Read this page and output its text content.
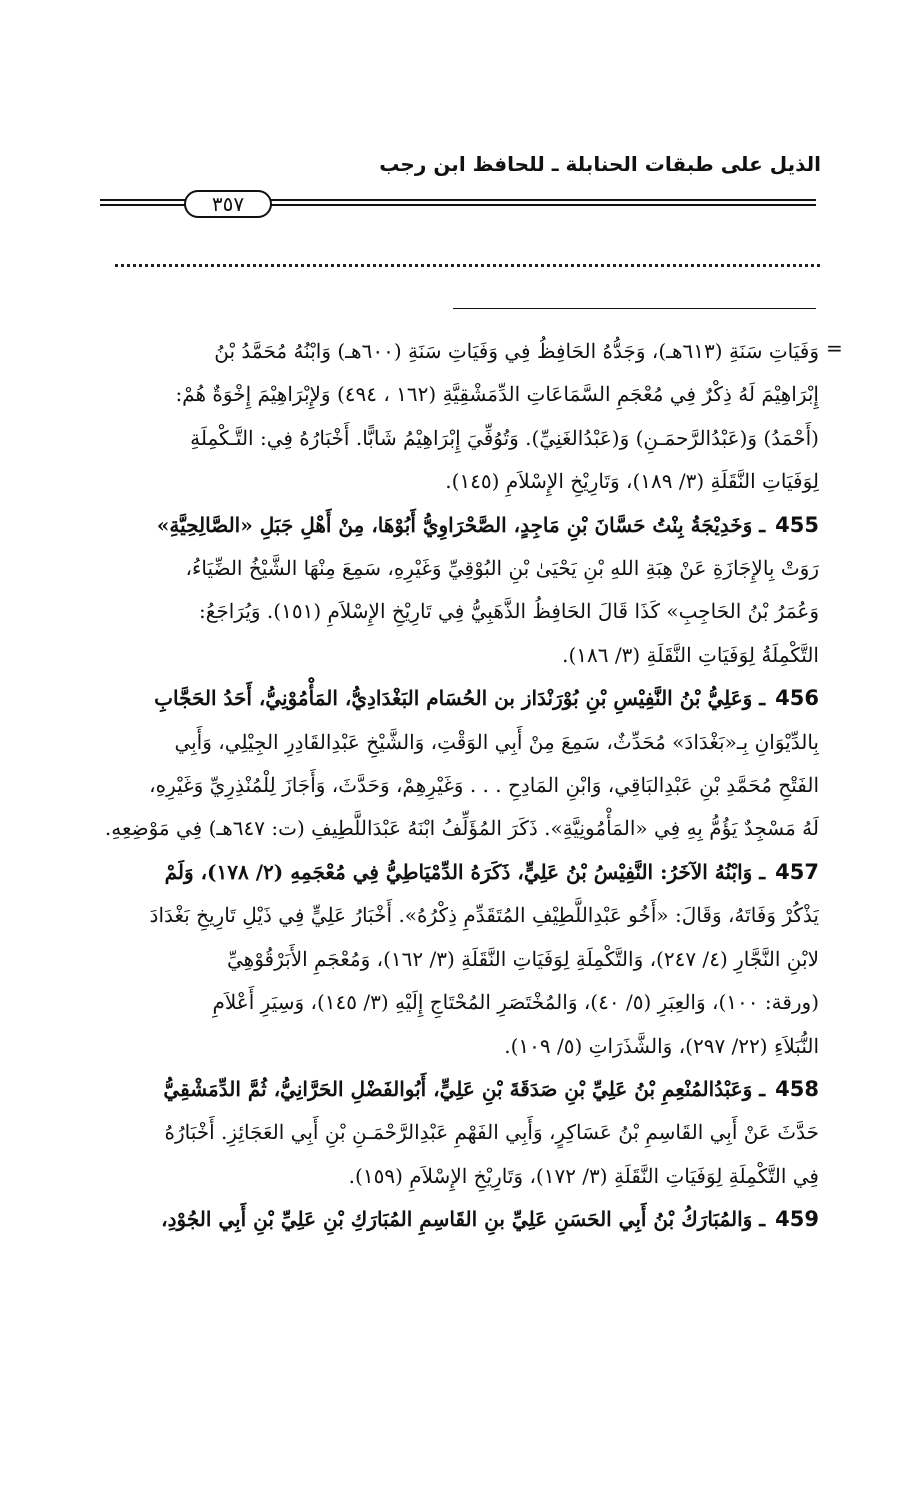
الذيل على طبقات الحنابلة ـ للحافظ ابن رجب
٣٥٧
=
وَفَيَاتِ سَنَةِ (٦١٣هـ)، وَجَدُّهُ الحَافِظُ فِي وَفَيَاتِ سَنَةِ (٦٠٠هـ) وَابْنُهُ مُحَمَّدُ بْنُ
إِبْرَاهِيْمَ لَهُ ذِكْرٌ فِي مُعْجَمِ السَّمَاعَاتِ الدِّمَشْقِيَّةِ (١٦٢ ، ٤٩٤) وَلإِبْرَاهِيْمَ إِخْوَةٌ هُمْ:
(أَحْمَدُ) وَ(عَبْدُالرَّحمَـنِ) وَ(عَبْدُالغَنِيِّ). وَتُوُفِّيَ إِبْرَاهِيْمُ شَابًّا. أَخْبَارُهُ فِي: التَّـكْمِلَةِ
لِوَفَيَاتِ النَّقَلَةِ (٣/ ١٨٩)، وَتَارِيْخِ الإِسْلاَمِ (١٤٥).
455ـ وَخَدِيْجَةُ بِنْتُ حَسَّانَ بْنِ مَاجِدٍ، الصَّحْرَاوِيُّ أَبُوْهَا، مِنْ أَهْلِ جَبَلِ «الصَّالِحِيَّةِ»
رَوَتْ بِالإِجَازَةِ عَنْ هِبَةِ اللهِ بْنِ يَحْيَىٰ بْنِ البُوْقِيِّ وَغَيْرِهِ، سَمِعَ مِنْهَا الشَّيْخُ الضِّيَاءُ،
وَعُمَرُ بْنُ الحَاجِبِ» كَذَا قَالَ الحَافِظُ الذَّهَبِيُّ فِي تَارِيْخِ الإِسْلاَمِ (١٥١). وَيُرَاجَعُ:
التَّكْمِلَةُ لِوَفَيَاتِ النَّقَلَةِ (٣/ ١٨٦).
456ـ وَعَلِيُّ بْنُ النَّفِيْسِ بْنِ بُوْرَنْدَاز بن الحُسَام البَغْدَادِيُّ، المَأْمُوْنِيُّ، أَحَدُ الحَجَّابِ
بِالدِّيْوَانِ بِـ«بَغْدَادَ» مُحَدِّثٌ، سَمِعَ مِنْ أَبِي الوَقْتِ، وَالشَّيْخِ عَبْدِالقَادِرِ الجِيْلِي، وَأَبِي
الفَتْحِ مُحَمَّدِ بْنِ عَبْدِالبَاقِي، وَابْنِ المَادِحِ . . . وَغَيْرِهِمْ، وَحَدَّثَ، وَأَجَازَ لِلْمُنْذِرِيِّ وَغَيْرِهِ،
لَهُ مَسْجِدٌ يَؤُمُّ بِهِ فِي «المَأْمُونِيَّةِ». ذَكَرَ المُؤَلِّفُ ابْنَهُ عَبْدَاللَّطِيفِ (ت: ٦٤٧هـ) فِي مَوْضِعِهِ.
457ـ وَابْنُهُ الآخَرُ: النَّفِيْسُ بْنُ عَلِيٍّ، ذَكَرَهُ الدِّمْيَاطِيُّ فِي مُعْجَمِهِ (٢/ ١٧٨)، وَلَمْ
يَذْكُرْ وَفَاتَهُ، وَقَالَ: «أَخُو عَبْدِاللَّطِيْفِ المُتَقَدِّمِ ذِكْرُهُ». أَخْبَارُ عَلِيٍّ فِي ذَيْلِ تَارِيخِ بَغْدَادَ
لابْنِ النَّجَّارِ (٤/ ٢٤٧)، وَالتَّكْمِلَةِ لِوَفَيَاتِ النَّقَلَةِ (٣/ ١٦٢)، وَمُعْجَمِ الأَبَرْقُوْهِيِّ
(ورقة: ١٠٠)، وَالعِبَرِ (٥/ ٤٠)، وَالمُخْتَصَرِ المُحْتَاجِ إِلَيْهِ (٣/ ١٤٥)، وَسِيَرِ أَعْلاَمِ
النُّبَلاَءِ (٢٢/ ٢٩٧)، وَالشَّذَرَاتِ (٥/ ١٠٩).
458ـ وَعَبْدُالمُنْعِمِ بْنُ عَلِيِّ بْنِ صَدَقَةَ بْنِ عَلِيٍّ، أَبُوالفَضْلِ الحَرَّانِيُّ، ثُمَّ الدِّمَشْقِيُّ
حَدَّثَ عَنْ أَبِي القَاسِمِ بْنُ عَسَاكِرٍ، وَأَبِي الفَهْمِ عَبْدِالرَّحْمَـنِ بْنِ أَبِي العَجَائِزِ. أَخْبَارُهُ
فِي التَّكْمِلَةِ لِوَفَيَاتِ النَّقَلَةِ (٣/ ١٧٢)، وَتَارِيْخِ الإِسْلاَمِ (١٥٩).
459ـ وَالمُبَارَكُ بْنُ أَبِي الحَسَنِ عَلِيِّ بنِ القَاسِمِ المُبَارَكِ بْنِ عَلِيِّ بْنِ أَبِي الجُوْدِ،
